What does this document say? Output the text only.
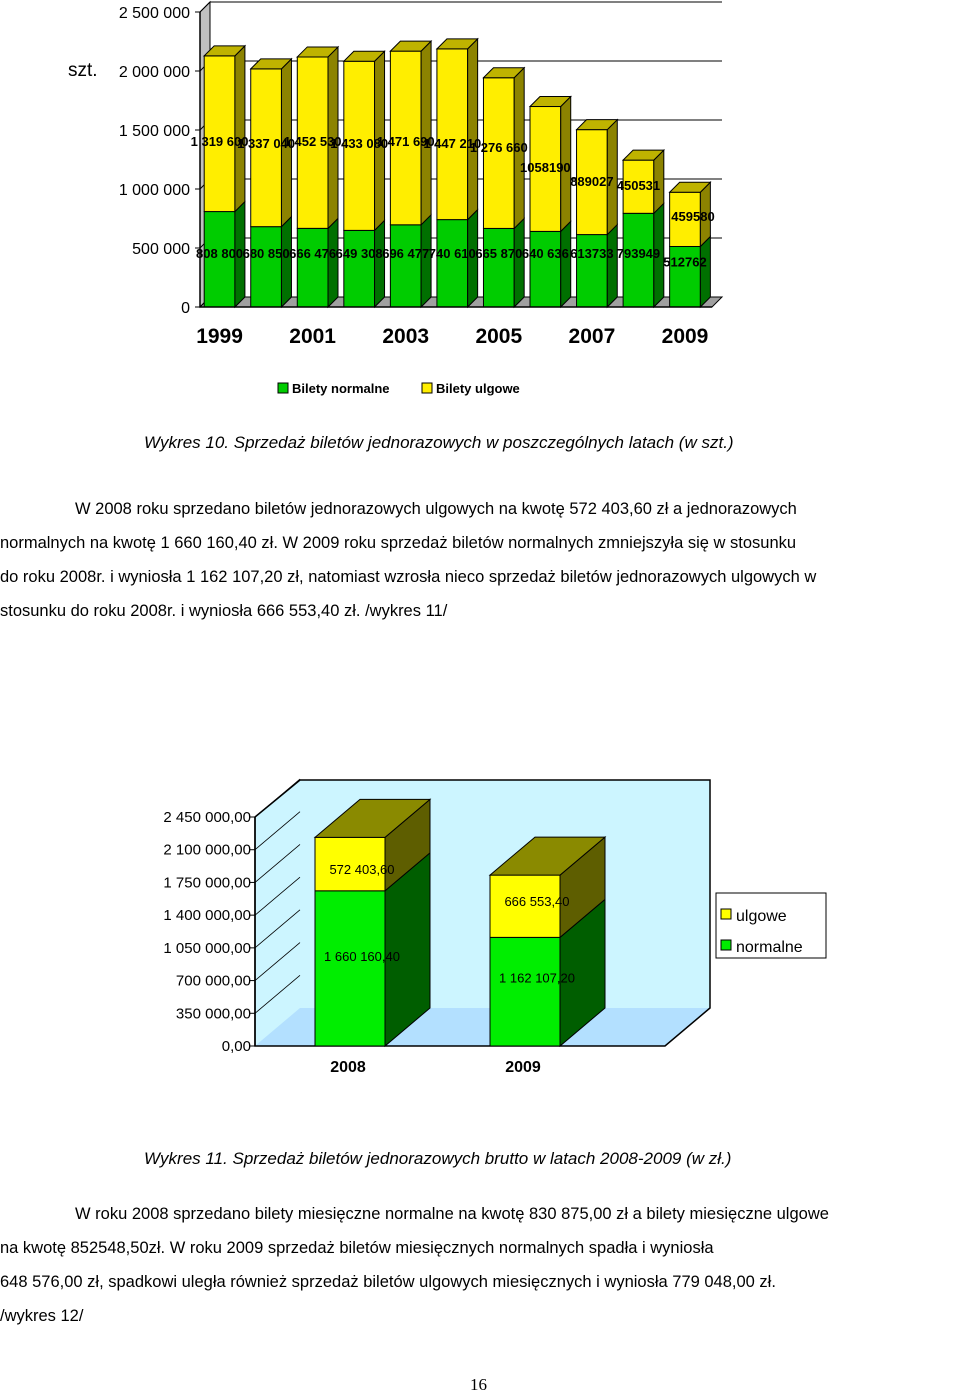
808 800
1 319 600
680 850
1 337 040
666 476
1 452 530
649 308
1 433 080
696 477
1 471 690
740 610
1 447 210
665 870
1 276 660
640 636
1058190
613733
889027
793949
450531
512762
459580
0
500 000
1 000 000
1 500 000
2 000 000
2 500 000
1999 2001 2003 2005 2007 2009
szt.
Bilety normalne	Bilety ulgowe
Wykres 10. Sprzedaż biletów jednorazowych w poszczególnych latach (w szt.)

W 2008 roku sprzedano biletów jednorazowych ulgowych na kwotę 572 403,60 zł a jednorazowych

normalnych na kwotę 1 660 160,40 zł. W 2009 roku sprzedaż biletów normalnych zmniejszyła się w stosunku

do roku 2008r. i wyniosła 1 162 107,20 zł, natomiast wzrosła nieco sprzedaż biletów jednorazowych ulgowych w

stosunku do roku 2008r. i wyniosła 666 553,40 zł. /wykres 11/

0,00
350 000,00
700 000,00
1 050 000,00
1 400 000,00
1 750 000,00
2 100 000,00
2 450 000,00
1 660 160,40
572 403,60
2008
1 162 107,20
666 553,40
2009
ulgowe
normalne
Wykres 11. Sprzedaż biletów jednorazowych brutto w latach 2008-2009 (w zł.)

W roku 2008 sprzedano bilety miesięczne normalne na kwotę 830 875,00 zł a bilety miesięczne ulgowe

na kwotę 852548,50zł. W roku 2009 sprzedaż biletów miesięcznych normalnych spadła i wyniosła

648 576,00 zł, spadkowi uległa również sprzedaż biletów ulgowych miesięcznych i wyniosła 779 048,00 zł.

/wykres 12/

16
